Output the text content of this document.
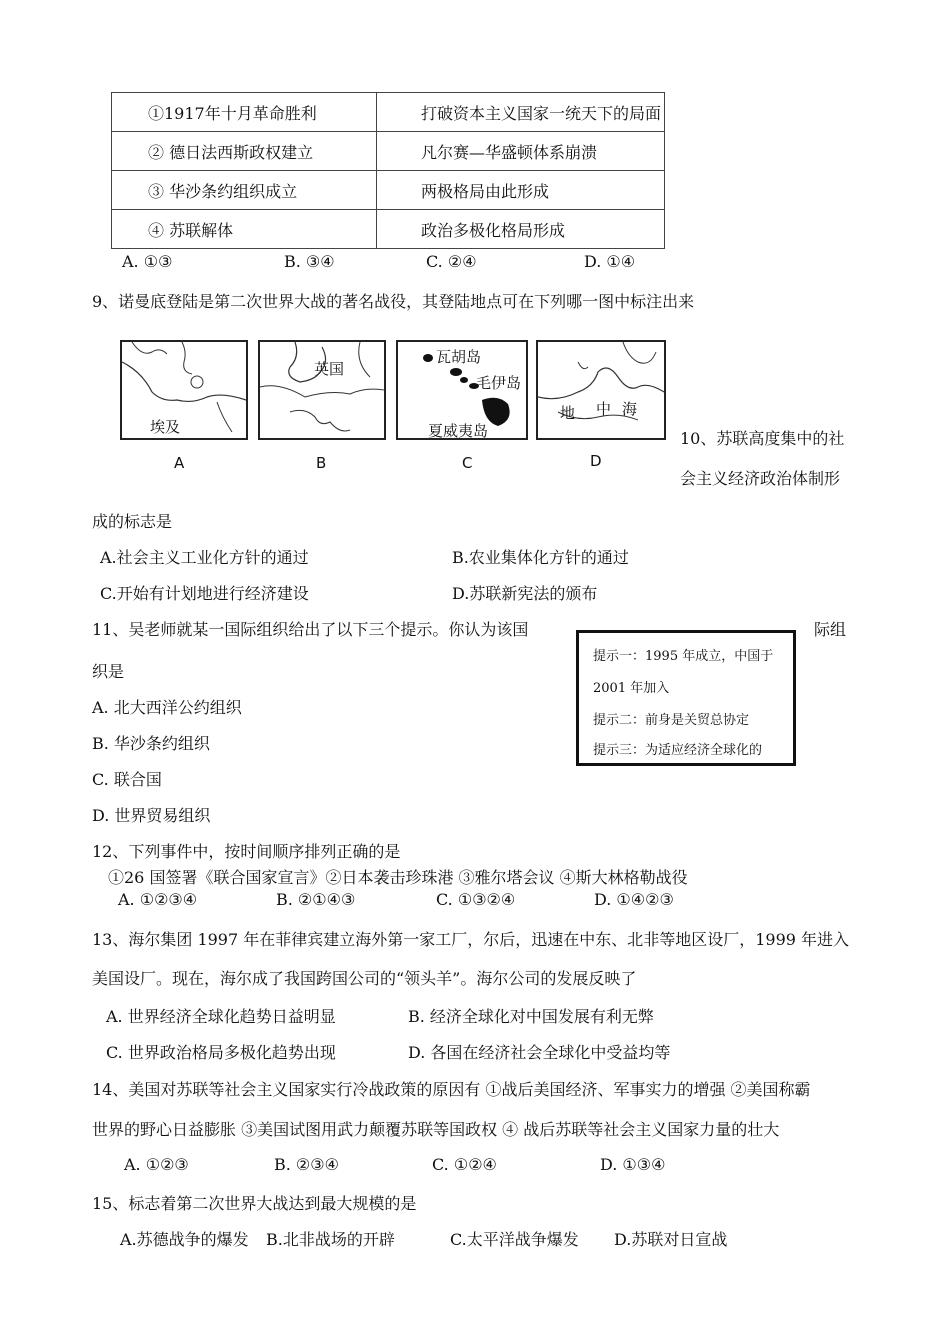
①1917年十月革命胜利	打破资本主义国家一统天下的局面
② 德日法西斯政权建立	凡尔赛—华盛顿体系崩溃
③ 华沙条约组织成立	两极格局由此形成
④ 苏联解体	政治多极化格局形成
A. ①③	B. ③④	C. ②④	D. ①④
9、诺曼底登陆是第二次世界大战的著名战役，其登陆地点可在下列哪一图中标注出来
埃及
A
英国
B
瓦胡岛
毛伊岛
夏威夷岛
C
地 中 海
D
10、苏联高度集中的社
会主义经济政治体制形
成的标志是
A.社会主义工业化方针的通过	B.农业集体化方针的通过
C.开始有计划地进行经济建设	D.苏联新宪法的颁布
11、吴老师就某一国际组织给出了以下三个提示。你认为该国	际组
织是
提示一：1995 年成立，中国于
2001 年加入
提示二：前身是关贸总协定
提示三：为适应经济全球化的
A. 北大西洋公约组织
B. 华沙条约组织
C. 联合国
D. 世界贸易组织
12、下列事件中，按时间顺序排列正确的是
①26 国签署《联合国家宣言》②日本袭击珍珠港 ③雅尔塔会议 ④斯大林格勒战役
A. ①②③④	B. ②①④③	C. ①③②④	D. ①④②③
13、海尔集团 1997 年在菲律宾建立海外第一家工厂，尔后，迅速在中东、北非等地区设厂，1999 年进入
美国设厂。现在，海尔成了我国跨国公司的“领头羊”。海尔公司的发展反映了
A. 世界经济全球化趋势日益明显	B. 经济全球化对中国发展有利无弊
C. 世界政治格局多极化趋势出现	D. 各国在经济社会全球化中受益均等
14、美国对苏联等社会主义国家实行冷战政策的原因有 ①战后美国经济、军事实力的增强 ②美国称霸
世界的野心日益膨胀 ③美国试图用武力颠覆苏联等国政权 ④ 战后苏联等社会主义国家力量的壮大
A. ①②③	B. ②③④	C. ①②④	D. ①③④
15、标志着第二次世界大战达到最大规模的是
A.苏德战争的爆发 B.北非战场的开辟	C.太平洋战争爆发 D.苏联对日宣战
